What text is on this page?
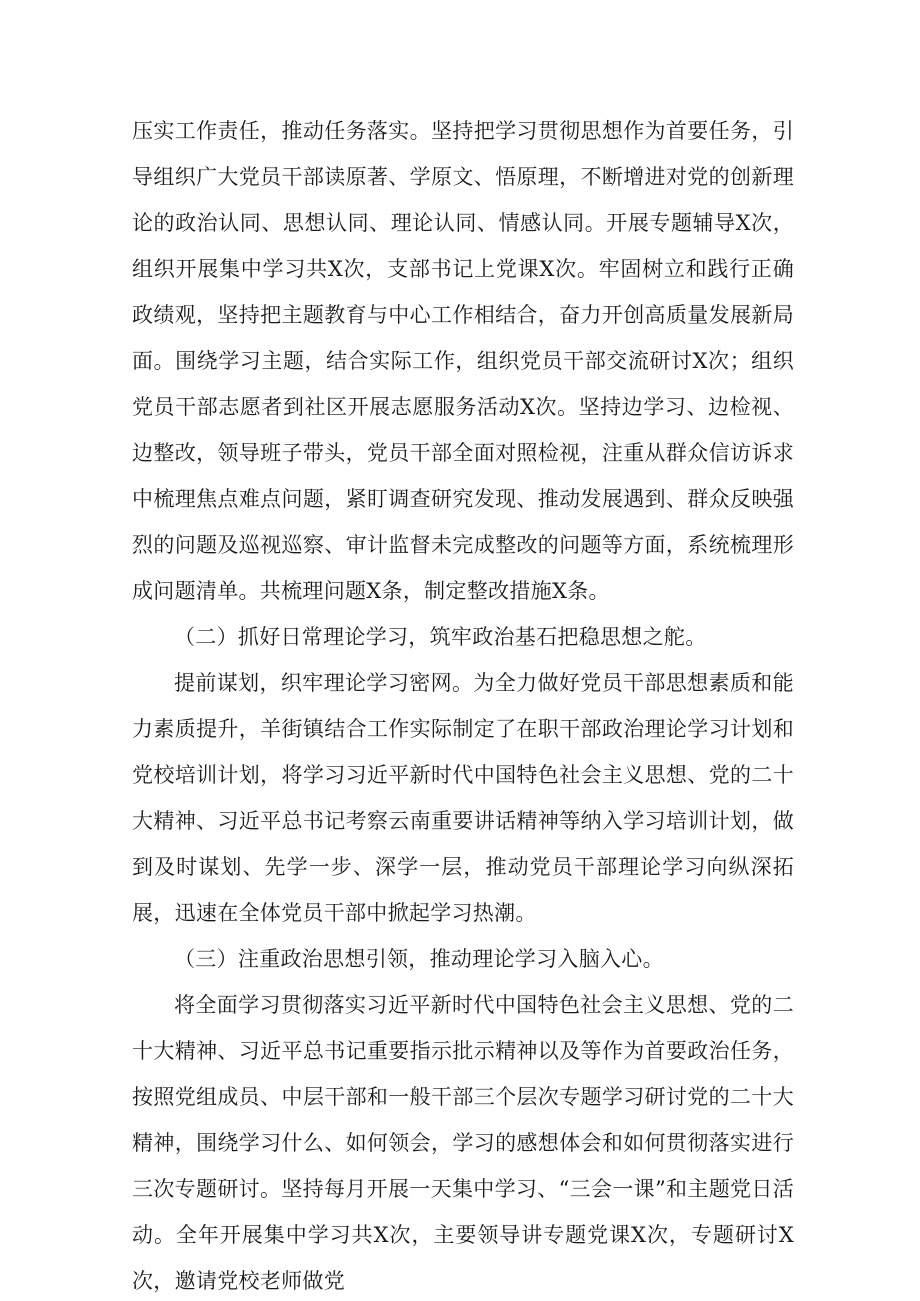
压实工作责任，推动任务落实。坚持把学习贯彻思想作为首要任务，引导组织广大党员干部读原著、学原文、悟原理，不断增进对党的创新理论的政治认同、思想认同、理论认同、情感认同。开展专题辅导X次，组织开展集中学习共X次，支部书记上党课X次。牢固树立和践行正确政绩观，坚持把主题教育与中心工作相结合，奋力开创高质量发展新局面。围绕学习主题，结合实际工作，组织党员干部交流研讨X次；组织党员干部志愿者到社区开展志愿服务活动X次。坚持边学习、边检视、边整改，领导班子带头，党员干部全面对照检视，注重从群众信访诉求中梳理焦点难点问题，紧盯调查研究发现、推动发展遇到、群众反映强烈的问题及巡视巡察、审计监督未完成整改的问题等方面，系统梳理形成问题清单。共梳理问题X条，制定整改措施X条。

（二）抓好日常理论学习，筑牢政治基石把稳思想之舵。

提前谋划，织牢理论学习密网。为全力做好党员干部思想素质和能力素质提升，羊街镇结合工作实际制定了在职干部政治理论学习计划和党校培训计划，将学习习近平新时代中国特色社会主义思想、党的二十大精神、习近平总书记考察云南重要讲话精神等纳入学习培训计划，做到及时谋划、先学一步、深学一层，推动党员干部理论学习向纵深拓展，迅速在全体党员干部中掀起学习热潮。

（三）注重政治思想引领，推动理论学习入脑入心。

将全面学习贯彻落实习近平新时代中国特色社会主义思想、党的二十大精神、习近平总书记重要指示批示精神以及等作为首要政治任务，按照党组成员、中层干部和一般干部三个层次专题学习研讨党的二十大精神，围绕学习什么、如何领会，学习的感想体会和如何贯彻落实进行三次专题研讨。坚持每月开展一天集中学习、“三会一课”和主题党日活动。全年开展集中学习共X次，主要领导讲专题党课X次，专题研讨X次，邀请党校老师做党
